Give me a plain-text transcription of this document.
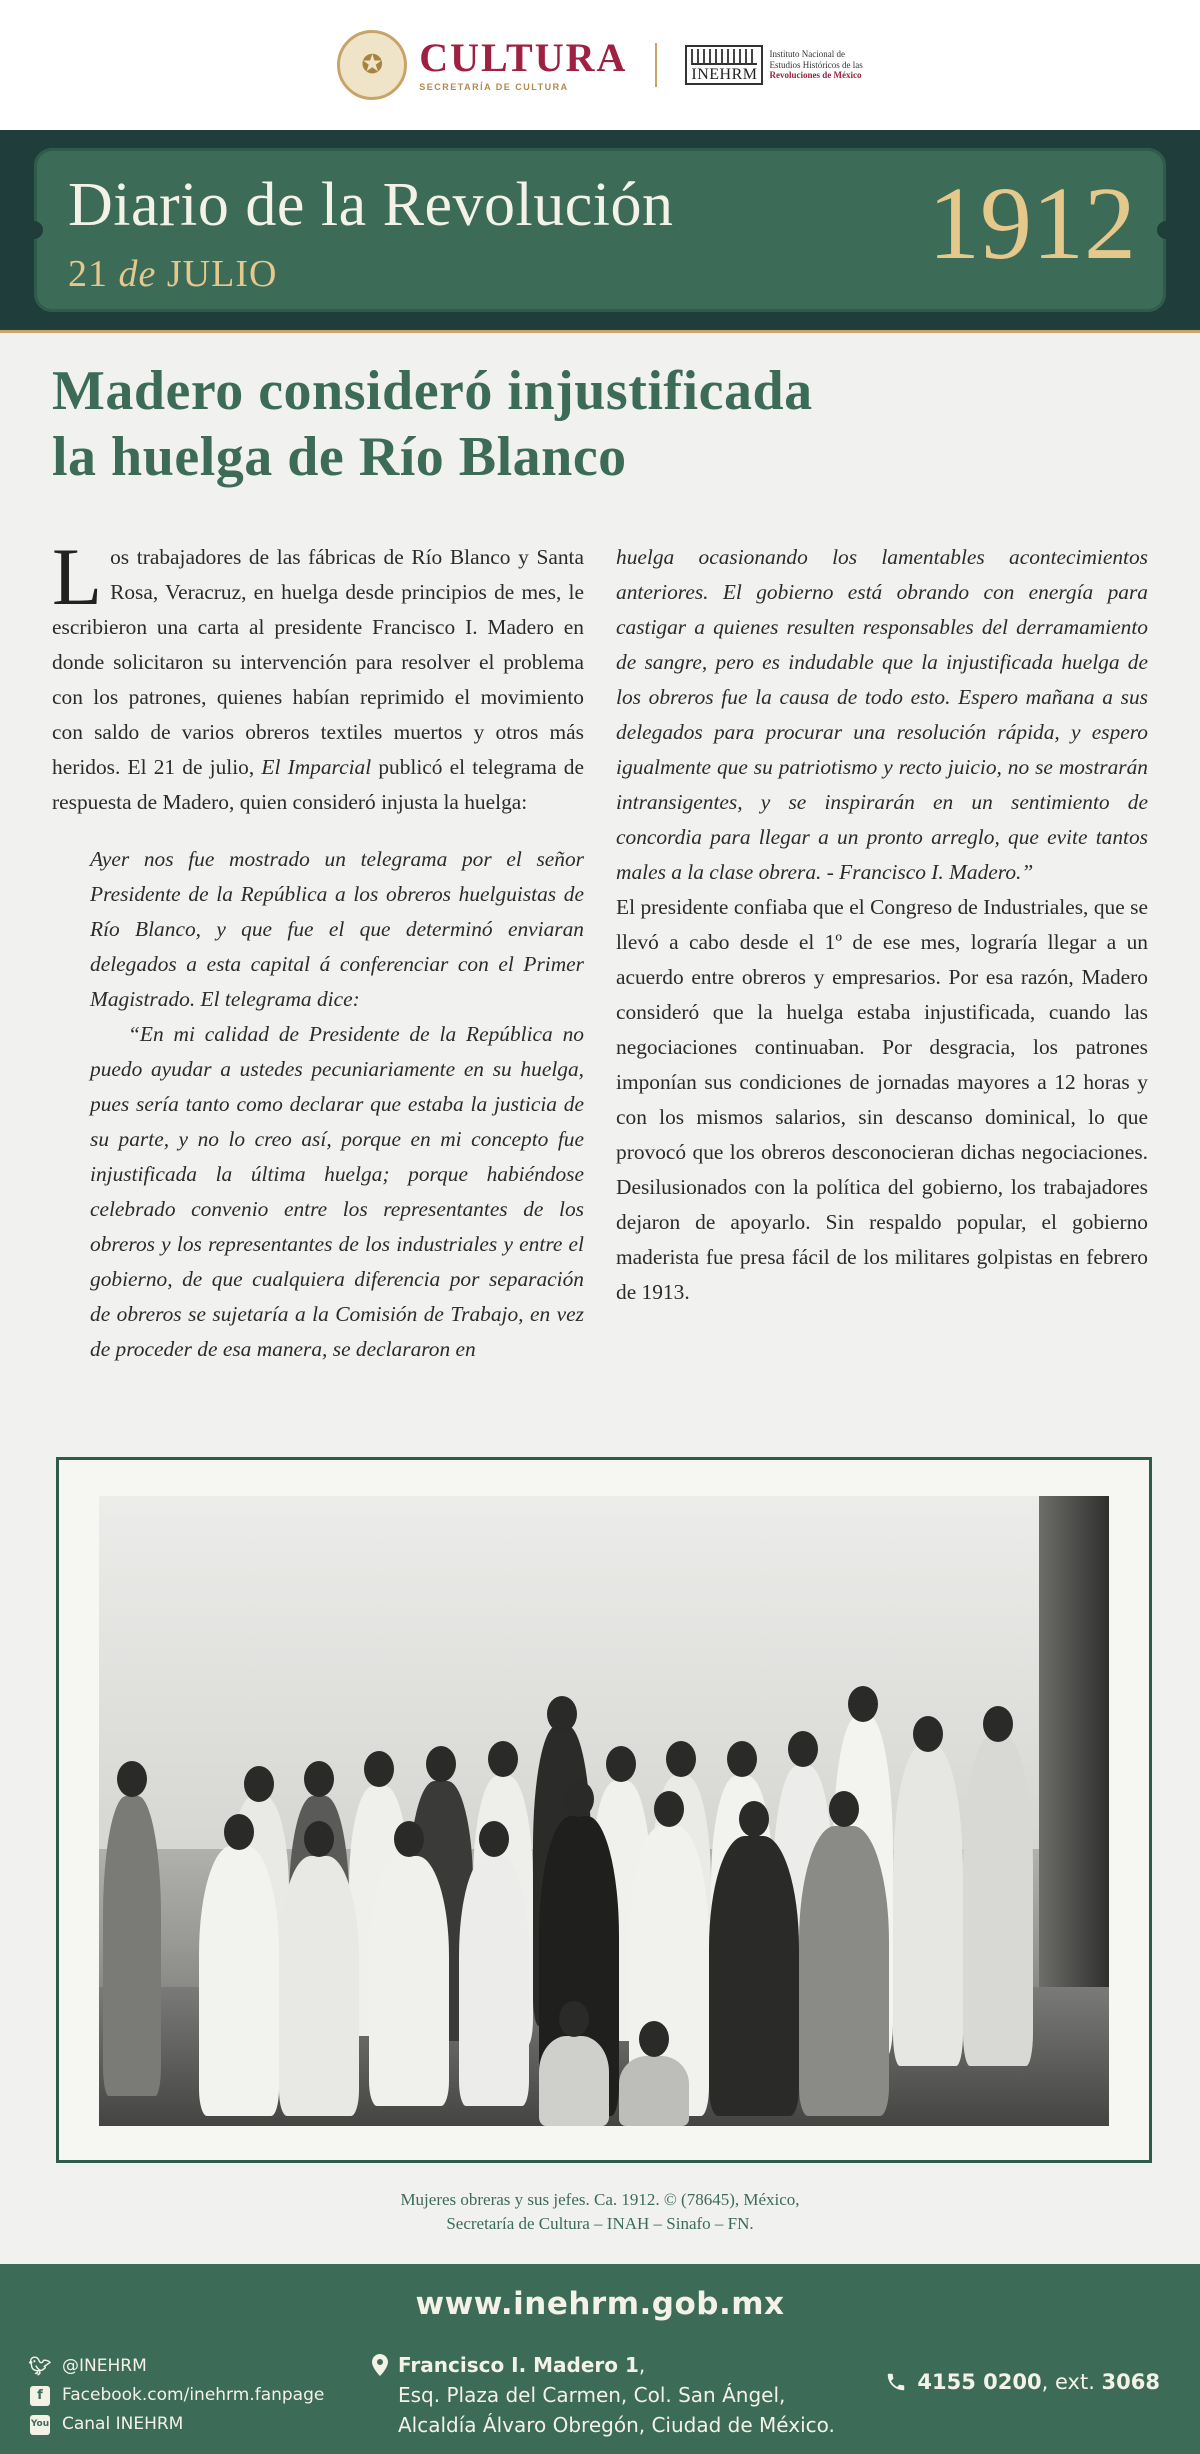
✪ CULTURA
SECRETARÍA DE CULTURA
INEHRM
Instituto Nacional de
Estudios Históricos de las
Revoluciones de México
Diario de la Revolución
21 de JULIO	1912
Madero consideró injustificada
la huelga de Río Blanco

Los trabajadores de las fábricas de Río Blanco y Santa Rosa, Veracruz, en huelga desde principios de mes, le escribieron una carta al presidente Francisco I. Madero en donde solicitaron su intervención para resolver el problema con los patrones, quienes habían reprimido el movimiento con saldo de varios obreros textiles muertos y otros más heridos. El 21 de julio, El Imparcial publicó el telegrama de respuesta de Madero, quien consideró injusta la huelga:

Ayer nos fue mostrado un telegrama por el señor Presidente de la República a los obreros huelguistas de Río Blanco, y que fue el que determinó enviaran delegados a esta capital á conferenciar con el Primer Magistrado. El telegrama dice:

“En mi calidad de Presidente de la República no puedo ayudar a ustedes pecuniariamente en su huelga, pues sería tanto como declarar que estaba la justicia de su parte, y no lo creo así, porque en mi concepto fue injustificada la última huelga; porque habiéndose celebrado convenio entre los representantes de los obreros y los representantes de los industriales y entre el gobierno, de que cualquiera diferencia por separación de obreros se sujetaría a la Comisión de Trabajo, en vez de proceder de esa manera, se declararon en

huelga ocasionando los lamentables acontecimientos anteriores. El gobierno está obrando con energía para castigar a quienes resulten responsables del derramamiento de sangre, pero es indudable que la injustificada huelga de los obreros fue la causa de todo esto. Espero mañana a sus delegados para procurar una resolución rápida, y espero igualmente que su patriotismo y recto juicio, no se mostrarán intransigentes, y se inspirarán en un sentimiento de concordia para llegar a un pronto arreglo, que evite tantos males a la clase obrera. - Francisco I. Madero.”

El presidente confiaba que el Congreso de Industriales, que se llevó a cabo desde el 1º de ese mes, lograría llegar a un acuerdo entre obreros y empresarios. Por esa razón, Madero consideró que la huelga estaba injustificada, cuando las negociaciones continuaban. Por desgracia, los patrones imponían sus condiciones de jornadas mayores a 12 horas y con los mismos salarios, sin descanso dominical, lo que provocó que los obreros desconocieran dichas negociaciones. Desilusionados con la política del gobierno, los trabajadores dejaron de apoyarlo. Sin respaldo popular, el gobierno maderista fue presa fácil de los militares golpistas en febrero de 1913.

Mujeres obreras y sus jefes. Ca. 1912. © (78645), México,
Secretaría de Cultura – INAH – Sinafo – FN.
www.inehrm.gob.mx
🐦︎ @INEHRM
f	Facebook.com/inehrm.fanpage
You Canal INEHRM
Francisco I. Madero 1,
Esq. Plaza del Carmen, Col. San Ángel,
Alcaldía Álvaro Obregón, Ciudad de México.
4155 0200 , ext. 3068
